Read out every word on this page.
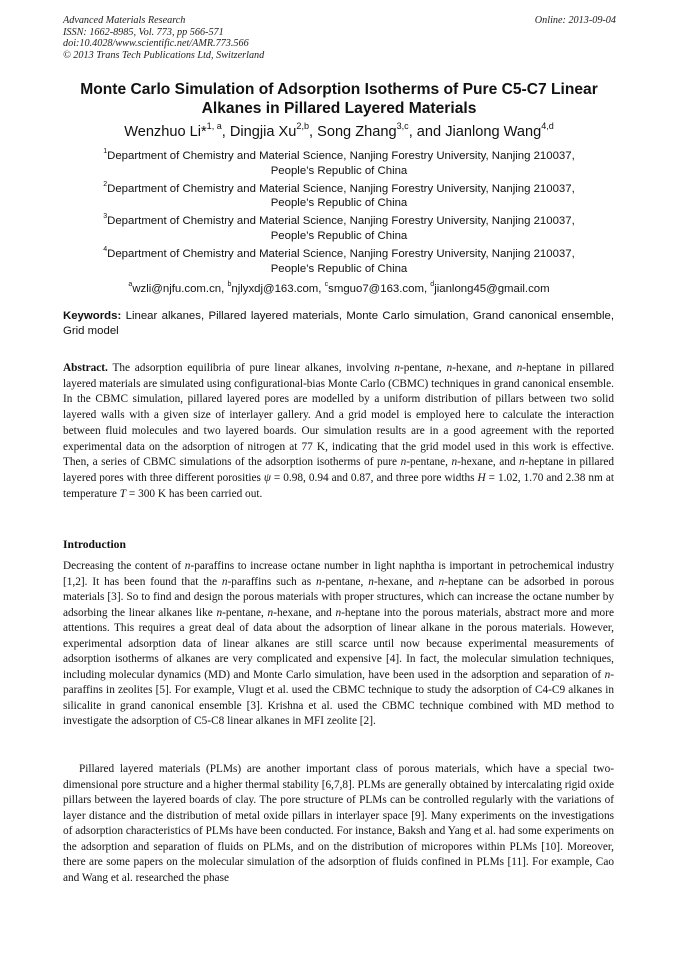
Advanced Materials Research
ISSN: 1662-8985, Vol. 773, pp 566-571
doi:10.4028/www.scientific.net/AMR.773.566
© 2013 Trans Tech Publications Ltd, Switzerland
Online: 2013-09-04
Monte Carlo Simulation of Adsorption Isotherms of Pure C5-C7 Linear
Alkanes in Pillared Layered Materials
Wenzhuo Li*$^{1, a}$, Dingjia Xu$^{2,b}$, Song Zhang$^{3,c}$, and Jianlong Wang$^{4,d}$
$^1$Department of Chemistry and Material Science, Nanjing Forestry University, Nanjing 210037,
People’s Republic of China
$^2$Department of Chemistry and Material Science, Nanjing Forestry University, Nanjing 210037,
People’s Republic of China
$^3$Department of Chemistry and Material Science, Nanjing Forestry University, Nanjing 210037,
People’s Republic of China
$^4$Department of Chemistry and Material Science, Nanjing Forestry University, Nanjing 210037,
People’s Republic of China
$^a$wzli@njfu.com.cn, $^b$njlyxdj@163.com, $^c$smguo7@163.com, $^d$jianlong45@gmail.com
Keywords: Linear alkanes, Pillared layered materials, Monte Carlo simulation, Grand canonical ensemble, Grid model
Abstract. The adsorption equilibria of pure linear alkanes, involving n-pentane, n-hexane, and n-heptane in pillared layered materials are simulated using configurational-bias Monte Carlo (CBMC) techniques in grand canonical ensemble. In the CBMC simulation, pillared layered pores are modelled by a uniform distribution of pillars between two solid layered walls with a given size of interlayer gallery. And a grid model is employed here to calculate the interaction between fluid molecules and two layered boards. Our simulation results are in a good agreement with the reported experimental data on the adsorption of nitrogen at 77 K, indicating that the grid model used in this work is effective. Then, a series of CBMC simulations of the adsorption isotherms of pure n-pentane, n-hexane, and n-heptane in pillared layered pores with three different porosities ψ = 0.98, 0.94 and 0.87, and three pore widths H = 1.02, 1.70 and 2.38 nm at temperature T = 300 K has been carried out.
Introduction
Decreasing the content of n-paraffins to increase octane number in light naphtha is important in petrochemical industry [1,2]. It has been found that the n-paraffins such as n-pentane, n-hexane, and n-heptane can be adsorbed in porous materials [3]. So to find and design the porous materials with proper structures, which can increase the octane number by adsorbing the linear alkanes like n-pentane, n-hexane, and n-heptane into the porous materials, abstract more and more attentions. This requires a great deal of data about the adsorption of linear alkane in the porous materials. However, experimental adsorption data of linear alkanes are still scarce until now because experimental measurements of adsorption isotherms of alkanes are very complicated and expensive [4]. In fact, the molecular simulation techniques, including molecular dynamics (MD) and Monte Carlo simulation, have been used in the adsorption and separation of n-paraffins in zeolites [5]. For example, Vlugt et al. used the CBMC technique to study the adsorption of C4-C9 alkanes in silicalite in grand canonical ensemble [3]. Krishna et al. used the CBMC technique combined with MD method to investigate the adsorption of C5-C8 linear alkanes in MFI zeolite [2].
Pillared layered materials (PLMs) are another important class of porous materials, which have a special two-dimensional pore structure and a higher thermal stability [6,7,8]. PLMs are generally obtained by intercalating rigid oxide pillars between the layered boards of clay. The pore structure of PLMs can be controlled regularly with the variations of layer distance and the distribution of metal oxide pillars in interlayer space [9]. Many experiments on the investigations of adsorption characteristics of PLMs have been conducted. For instance, Baksh and Yang et al. had some experiments on the adsorption and separation of fluids on PLMs, and on the distribution of micropores within PLMs [10]. Moreover, there are some papers on the molecular simulation of the adsorption of fluids confined in PLMs [11]. For example, Cao and Wang et al. researched the phase
